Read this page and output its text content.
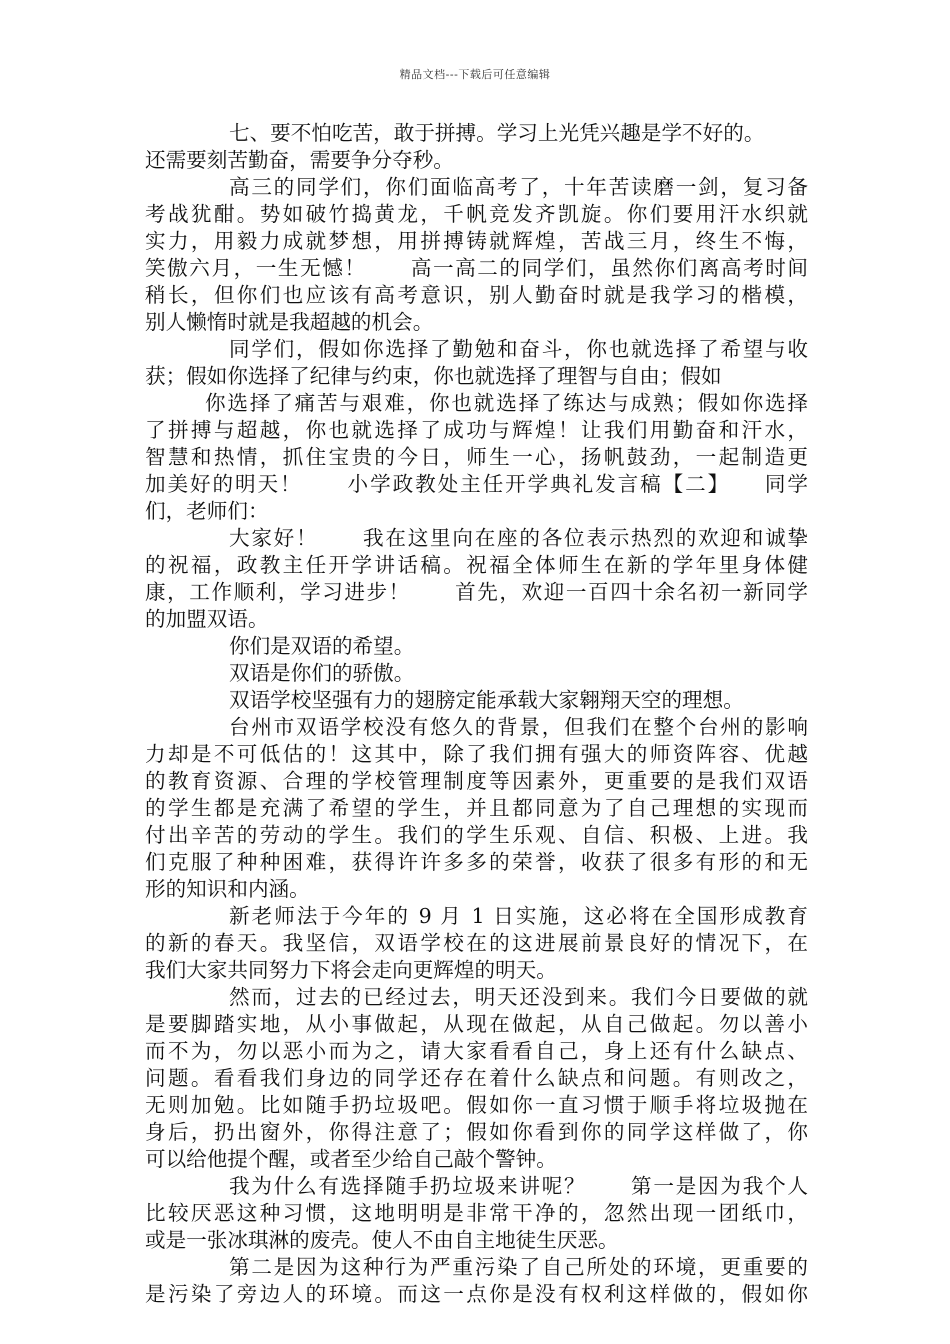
精品文档---下载后可任意编辑

七、要不怕吃苦，敢于拼搏。学习上光凭兴趣是学不好的。

还需要刻苦勤奋，需要争分夺秒。

高三的同学们，你们面临高考了，十年苦读磨一剑，复习备

考战犹酣。势如破竹捣黄龙，千帆竞发齐凯旋。你们要用汗水织就

实力，用毅力成就梦想，用拼搏铸就辉煌，苦战三月，终生不悔，

笑傲六月，一生无憾！　　高一高二的同学们，虽然你们离高考时间

稍长，但你们也应该有高考意识，别人勤奋时就是我学习的楷模，

别人懒惰时就是我超越的机会。

同学们，假如你选择了勤勉和奋斗，你也就选择了希望与收

获；假如你选择了纪律与约束，你也就选择了理智与自由；假如

你选择了痛苦与艰难，你也就选择了练达与成熟；假如你选择

了拼搏与超越，你也就选择了成功与辉煌！让我们用勤奋和汗水，

智慧和热情，抓住宝贵的今日，师生一心，扬帆鼓劲，一起制造更

加美好的明天！　　小学政教处主任开学典礼发言稿【二】　　同学

们，老师们：

大家好！　　我在这里向在座的各位表示热烈的欢迎和诚挚

的祝福，政教主任开学讲话稿。祝福全体师生在新的学年里身体健

康，工作顺利，学习进步！　　首先，欢迎一百四十余名初一新同学

的加盟双语。

你们是双语的希望。

双语是你们的骄傲。

双语学校坚强有力的翅膀定能承载大家翱翔天空的理想。

台州市双语学校没有悠久的背景，但我们在整个台州的影响

力却是不可低估的！这其中，除了我们拥有强大的师资阵容、优越

的教育资源、合理的学校管理制度等因素外，更重要的是我们双语

的学生都是充满了希望的学生，并且都同意为了自己理想的实现而

付出辛苦的劳动的学生。我们的学生乐观、自信、积极、上进。我

们克服了种种困难，获得许许多多的荣誉，收获了很多有形的和无

形的知识和内涵。

新老师法于今年的 9 月 1 日实施，这必将在全国形成教育

的新的春天。我坚信，双语学校在的这进展前景良好的情况下，在

我们大家共同努力下将会走向更辉煌的明天。

然而，过去的已经过去，明天还没到来。我们今日要做的就

是要脚踏实地，从小事做起，从现在做起，从自己做起。勿以善小

而不为，勿以恶小而为之，请大家看看自己，身上还有什么缺点、

问题。看看我们身边的同学还存在着什么缺点和问题。有则改之，

无则加勉。比如随手扔垃圾吧。假如你一直习惯于顺手将垃圾抛在

身后，扔出窗外，你得注意了；假如你看到你的同学这样做了，你

可以给他提个醒，或者至少给自己敲个警钟。

我为什么有选择随手扔垃圾来讲呢？　　第一是因为我个人

比较厌恶这种习惯，这地明明是非常干净的，忽然出现一团纸巾，

或是一张冰琪淋的废壳。使人不由自主地徒生厌恶。

第二是因为这种行为严重污染了自己所处的环境，更重要的

是污染了旁边人的环境。而这一点你是没有权利这样做的，假如你
